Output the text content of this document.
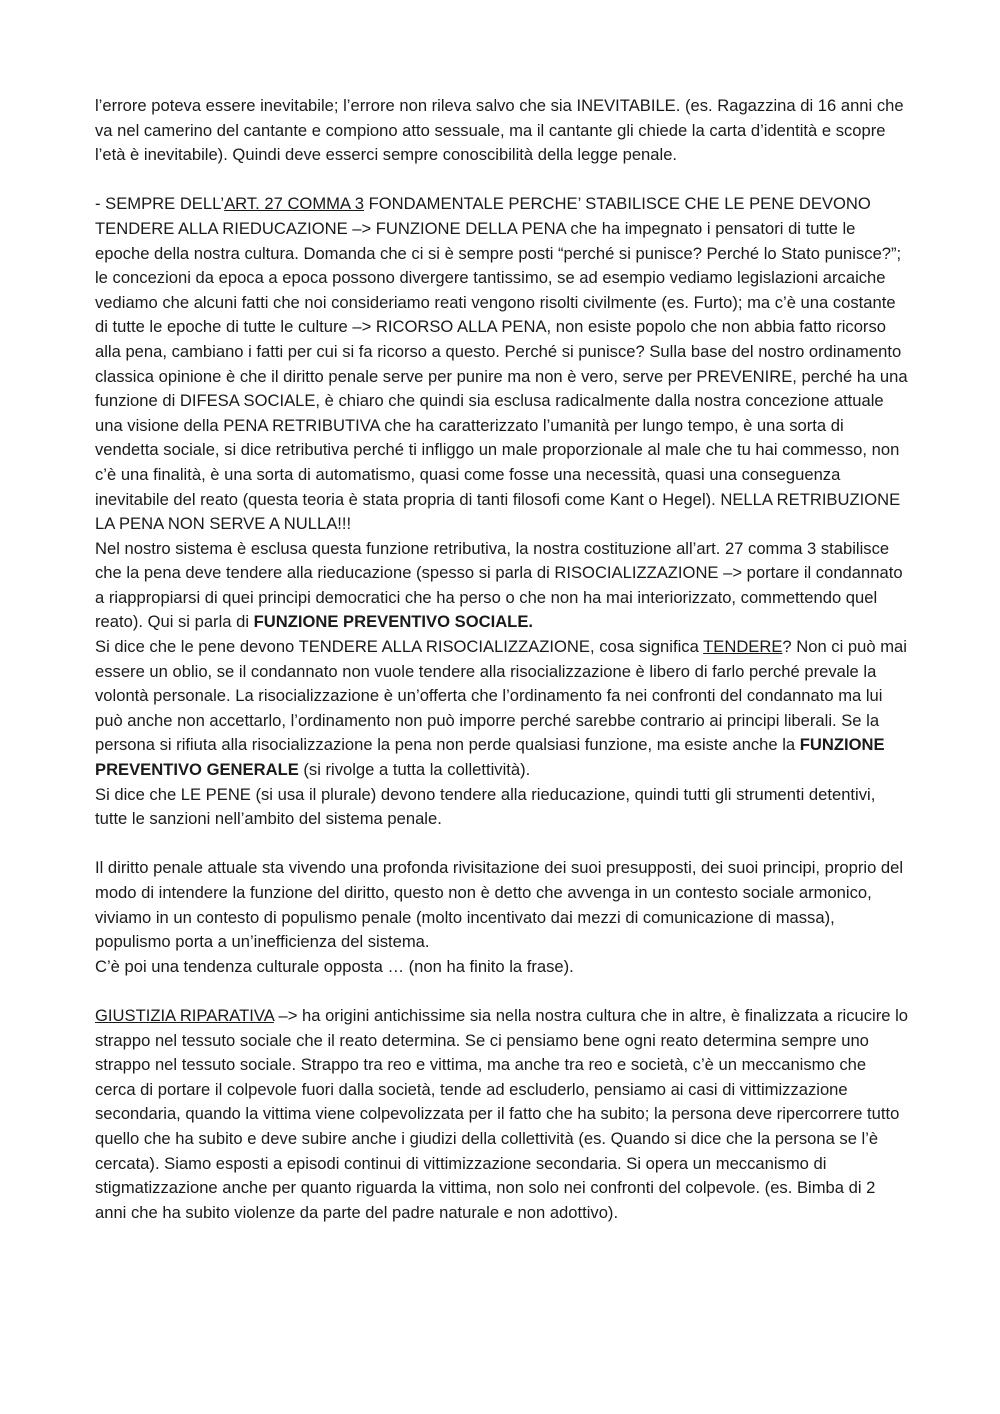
l’errore poteva essere inevitabile; l’errore non rileva salvo che sia INEVITABILE. (es. Ragazzina di 16 anni che va nel camerino del cantante e compiono atto sessuale, ma il cantante gli chiede la carta d’identità e scopre l’età è inevitabile). Quindi deve esserci sempre conoscibilità della legge penale.

- SEMPRE DELL’ART. 27 COMMA 3 FONDAMENTALE PERCHE’ STABILISCE CHE LE PENE DEVONO TENDERE ALLA RIEDUCAZIONE –> FUNZIONE DELLA PENA che ha impegnato i pensatori di tutte le epoche della nostra cultura. Domanda che ci si è sempre posti “perché si punisce? Perché lo Stato punisce?”; le concezioni da epoca a epoca possono divergere tantissimo, se ad esempio vediamo legislazioni arcaiche vediamo che alcuni fatti che noi consideriamo reati vengono risolti civilmente (es. Furto); ma c’è una costante di tutte le epoche di tutte le culture –> RICORSO ALLA PENA, non esiste popolo che non abbia fatto ricorso alla pena, cambiano i fatti per cui si fa ricorso a questo. Perché si punisce? Sulla base del nostro ordinamento classica opinione è che il diritto penale serve per punire ma non è vero, serve per PREVENIRE, perché ha una funzione di DIFESA SOCIALE, è chiaro che quindi sia esclusa radicalmente dalla nostra concezione attuale una visione della PENA RETRIBUTIVA che ha caratterizzato l’umanità per lungo tempo, è una sorta di vendetta sociale, si dice retributiva perché ti infliggo un male proporzionale al male che tu hai commesso, non c’è una finalità, è una sorta di automatismo, quasi come fosse una necessità, quasi una conseguenza inevitabile del reato (questa teoria è stata propria di tanti filosofi come Kant o Hegel). NELLA RETRIBUZIONE LA PENA NON SERVE A NULLA!!!

Nel nostro sistema è esclusa questa funzione retributiva, la nostra costituzione all’art. 27 comma 3 stabilisce che la pena deve tendere alla rieducazione (spesso si parla di RISOCIALIZZAZIONE –> portare il condannato a riappropiarsi di quei principi democratici che ha perso o che non ha mai interiorizzato, commettendo quel reato). Qui si parla di FUNZIONE PREVENTIVO SOCIALE.

Si dice che le pene devono TENDERE ALLA RISOCIALIZZAZIONE, cosa significa TENDERE? Non ci può mai essere un oblio, se il condannato non vuole tendere alla risocializzazione è libero di farlo perché prevale la volontà personale. La risocializzazione è un’offerta che l’ordinamento fa nei confronti del condannato ma lui può anche non accettarlo, l’ordinamento non può imporre perché sarebbe contrario ai principi liberali. Se la persona si rifiuta alla risocializzazione la pena non perde qualsiasi funzione, ma esiste anche la FUNZIONE PREVENTIVO GENERALE (si rivolge a tutta la collettività).

Si dice che LE PENE (si usa il plurale) devono tendere alla rieducazione, quindi tutti gli strumenti detentivi, tutte le sanzioni nell’ambito del sistema penale.

Il diritto penale attuale sta vivendo una profonda rivisitazione dei suoi presupposti, dei suoi principi, proprio del modo di intendere la funzione del diritto, questo non è detto che avvenga in un contesto sociale armonico, viviamo in un contesto di populismo penale (molto incentivato dai mezzi di comunicazione di massa), populismo porta a un’inefficienza del sistema.

C’è poi una tendenza culturale opposta … (non ha finito la frase).

GIUSTIZIA RIPARATIVA –> ha origini antichissime sia nella nostra cultura che in altre, è finalizzata a ricucire lo strappo nel tessuto sociale che il reato determina. Se ci pensiamo bene ogni reato determina sempre uno strappo nel tessuto sociale. Strappo tra reo e vittima, ma anche tra reo e società, c’è un meccanismo che cerca di portare il colpevole fuori dalla società, tende ad escluderlo, pensiamo ai casi di vittimizzazione secondaria, quando la vittima viene colpevolizzata per il fatto che ha subito; la persona deve ripercorrere tutto quello che ha subito e deve subire anche i giudizi della collettività (es. Quando si dice che la persona se l’è cercata). Siamo esposti a episodi continui di vittimizzazione secondaria. Si opera un meccanismo di stigmatizzazione anche per quanto riguarda la vittima, non solo nei confronti del colpevole. (es. Bimba di 2 anni che ha subito violenze da parte del padre naturale e non adottivo).
